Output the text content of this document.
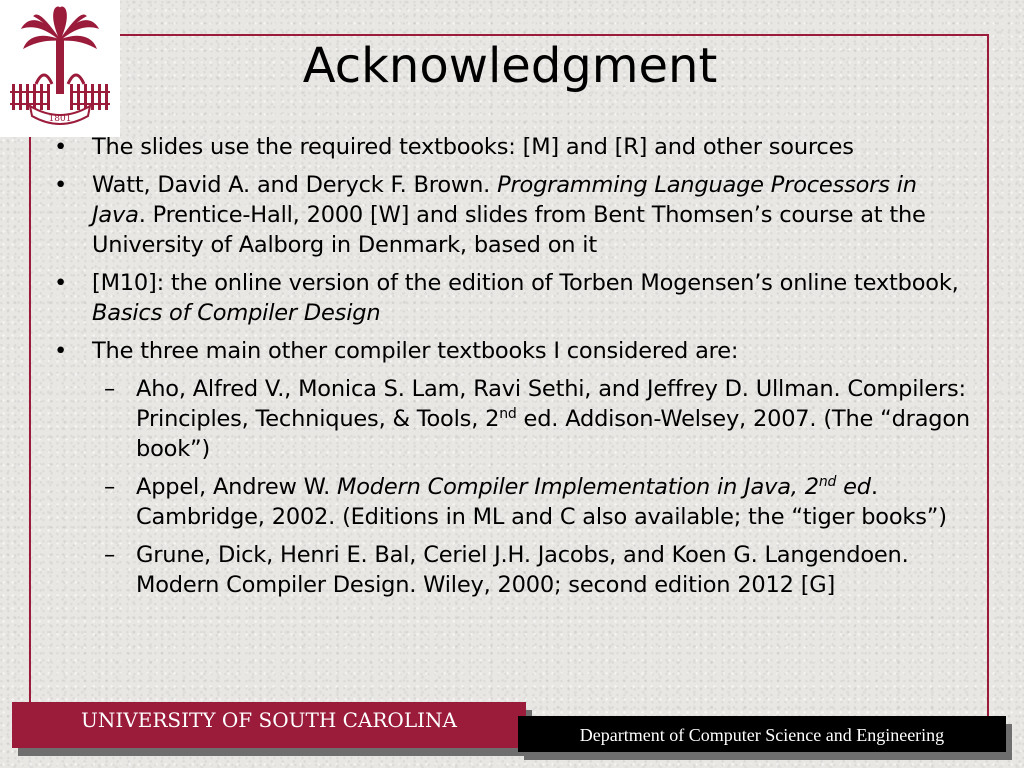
1801
Acknowledgment
• The slides use the required textbooks: [M] and [R] and other sources

• Watt, David A. and Deryck F. Brown. Programming Language Processors in Java. Prentice-Hall, 2000 [W] and slides from Bent Thomsen’s course at the University of Aalborg in Denmark, based on it

• [M10]: the online version of the edition of Torben Mogensen’s online textbook, Basics of Compiler Design

• The three main other compiler textbooks I considered are:

– Aho, Alfred V., Monica S. Lam, Ravi Sethi, and Jeffrey D. Ullman. Compilers: Principles, Techniques, & Tools, 2nd ed. Addison-Welsey, 2007. (The “dragon book”)

– Appel, Andrew W. Modern Compiler Implementation in Java, 2nd ed. Cambridge, 2002. (Editions in ML and C also available; the “tiger books”)

– Grune, Dick, Henri E. Bal, Ceriel J.H. Jacobs, and Koen G. Langendoen. Modern Compiler Design. Wiley, 2000; second edition 2012 [G]

UNIVERSITY OF SOUTH CAROLINA
Department of Computer Science and Engineering
